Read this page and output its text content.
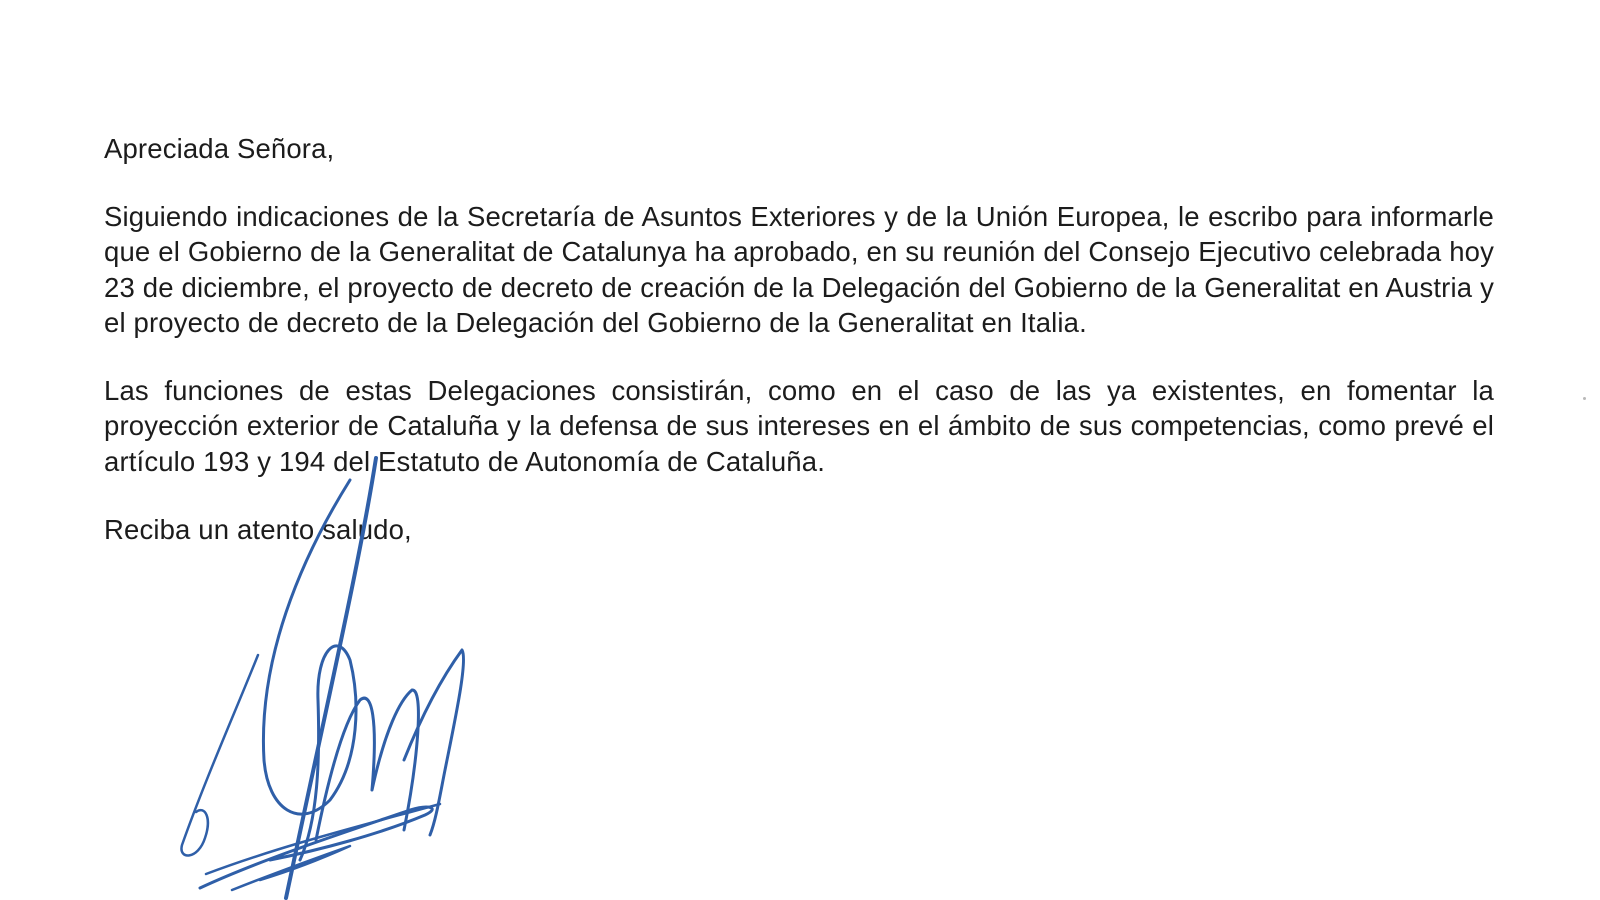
Apreciada Señora,

Siguiendo indicaciones de la Secretaría de Asuntos Exteriores y de la Unión Europea, le escribo para informarle que el Gobierno de la Generalitat de Catalunya ha aprobado, en su reunión del Consejo Ejecutivo celebrada hoy 23 de diciembre, el proyecto de decreto de creación de la Delegación del Gobierno de la Generalitat en Austria y el proyecto de decreto de la Delegación del Gobierno de la Generalitat en Italia.

Las funciones de estas Delegaciones consistirán, como en el caso de las ya existentes, en fomentar la proyección exterior de Cataluña y la defensa de sus intereses en el ámbito de sus competencias, como prevé el artículo 193 y 194 del Estatuto de Autonomía de Cataluña.

Reciba un atento saludo,
